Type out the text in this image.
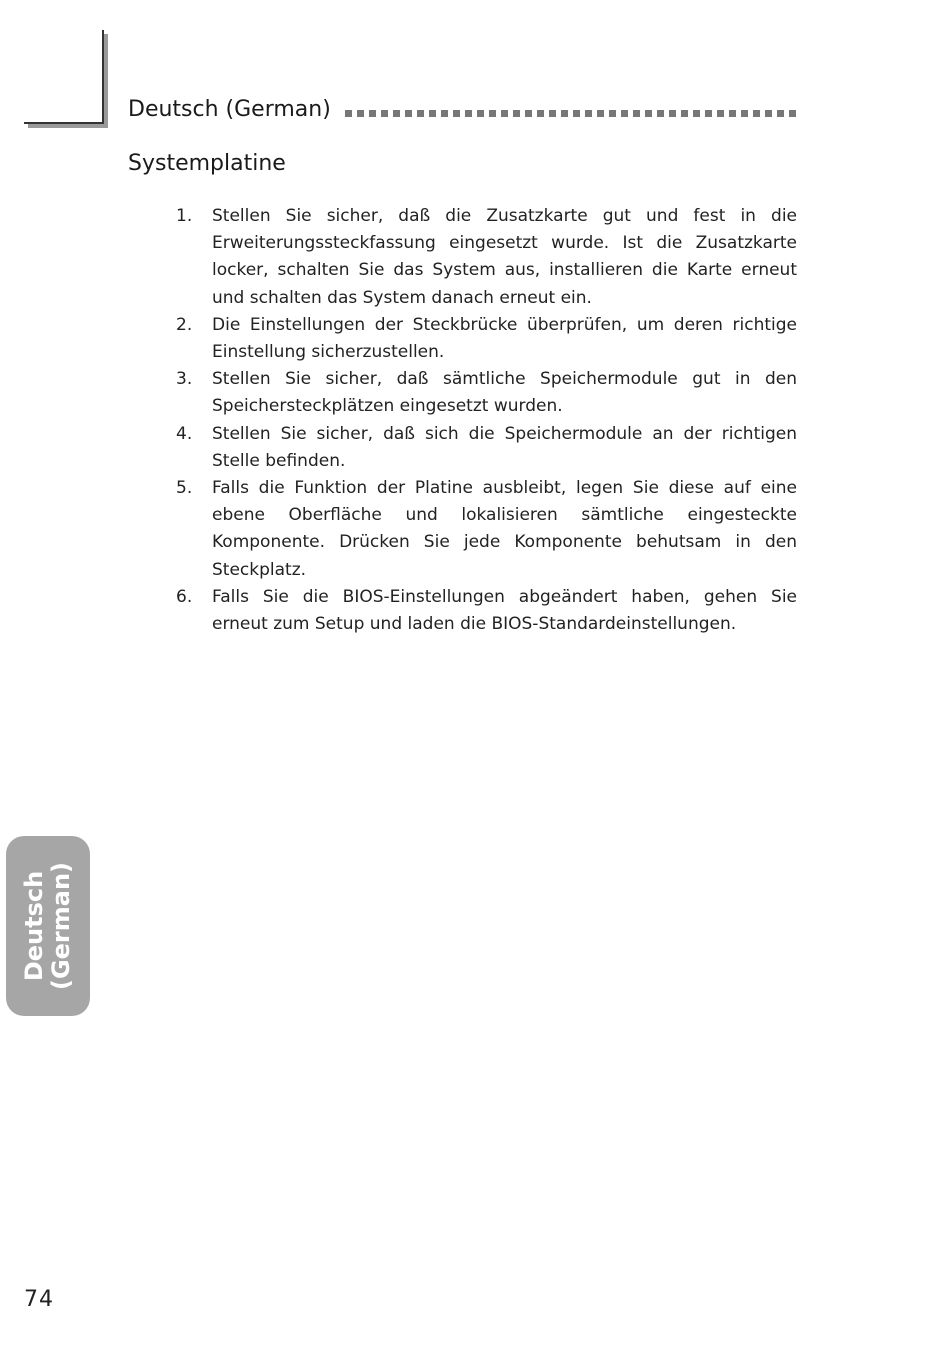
Deutsch (German)
Systemplatine
1.	Stellen Sie sicher, daß die Zusatzkarte gut und fest in die Erweiterungssteckfassung eingesetzt wurde. Ist die Zusatzkarte locker, schalten Sie das System aus, installieren die Karte erneut und schalten das System danach erneut ein.
2.	Die Einstellungen der Steckbrücke überprüfen, um deren richtige Einstellung sicherzustellen.
3.	Stellen Sie sicher, daß sämtliche Speichermodule gut in den Speichersteckplätzen eingesetzt wurden.
4.	Stellen Sie sicher, daß sich die Speichermodule an der richtigen Stelle befinden.
5.	Falls die Funktion der Platine ausbleibt, legen Sie diese auf eine ebene Oberfläche und lokalisieren sämtliche eingesteckte Komponente. Drücken Sie jede Komponente behutsam in den Steckplatz.
6.	Falls Sie die BIOS-Einstellungen abgeändert haben, gehen Sie erneut zum Setup und laden die BIOS-Standardeinstellungen.
Deutsch (German)
74
